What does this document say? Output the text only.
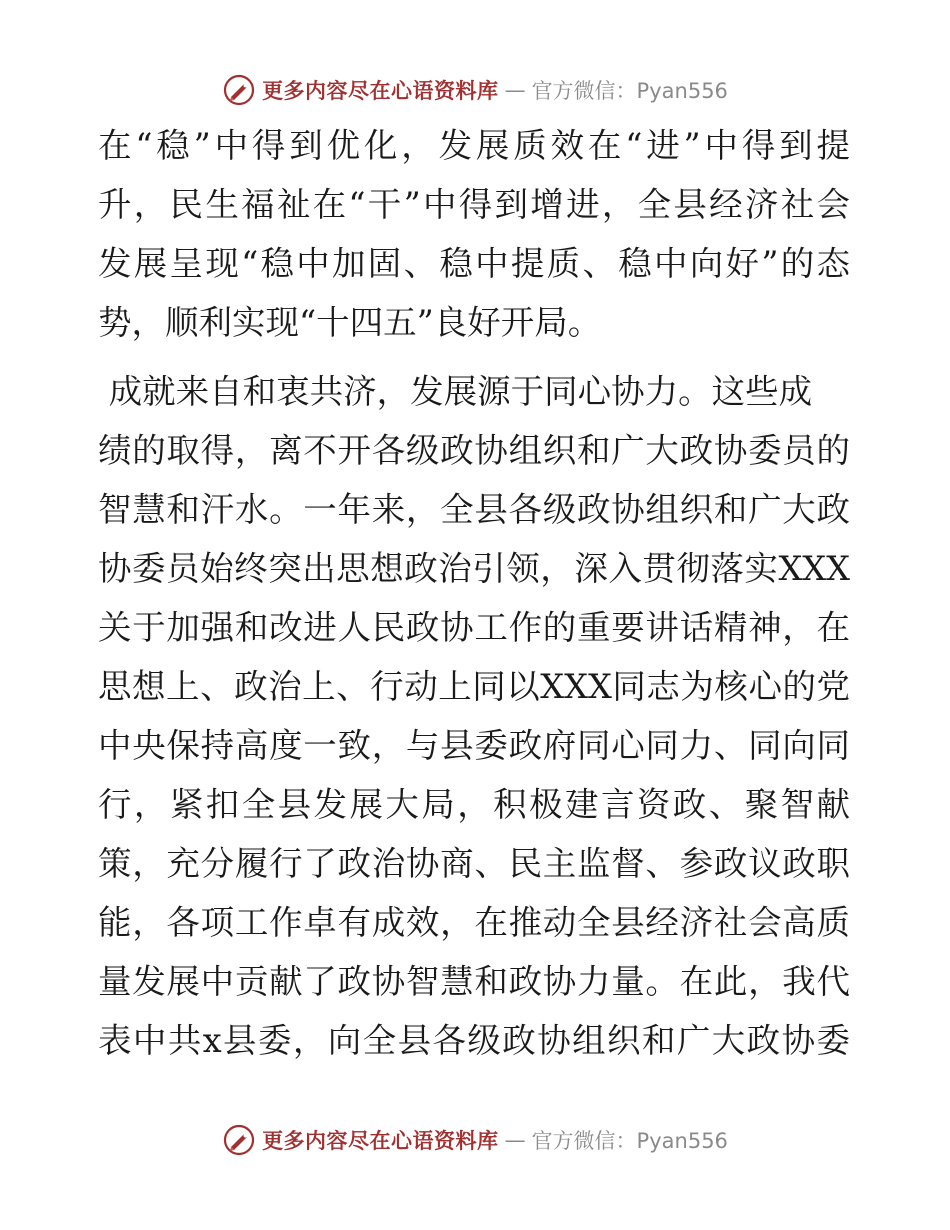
更多内容尽在心语资料库 — 官方微信：Pyan556
在“稳”中得到优化，发展质效在“进”中得到提
升，民生福祉在“干”中得到增进，全县经济社会
发展呈现“稳中加固、稳中提质、稳中向好”的态
势，顺利实现“十四五”良好开局。
成就来自和衷共济，发展源于同心协力。这些成
绩的取得，离不开各级政协组织和广大政协委员的
智慧和汗水。一年来，全县各级政协组织和广大政
协委员始终突出思想政治引领，深入贯彻落实XXX
关于加强和改进人民政协工作的重要讲话精神，在
思想上、政治上、行动上同以XXX同志为核心的党
中央保持高度一致，与县委政府同心同力、同向同
行，紧扣全县发展大局，积极建言资政、聚智献
策，充分履行了政治协商、民主监督、参政议政职
能，各项工作卓有成效，在推动全县经济社会高质
量发展中贡献了政协智慧和政协力量。在此，我代
表中共x县委，向全县各级政协组织和广大政协委
更多内容尽在心语资料库 — 官方微信：Pyan556
